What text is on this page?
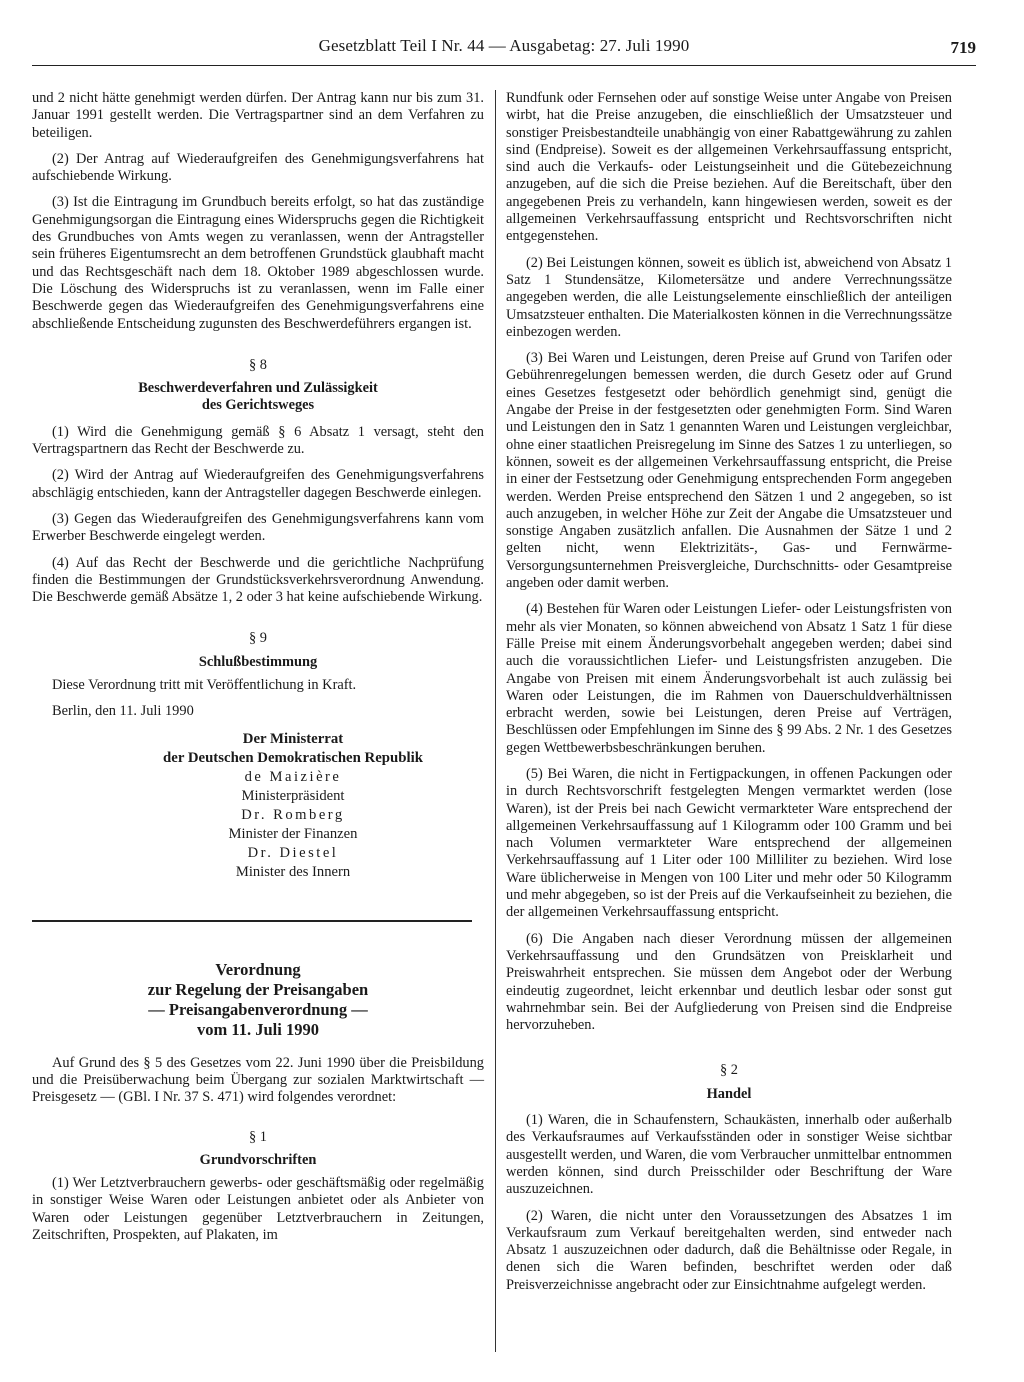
Gesetzblatt Teil I Nr. 44 — Ausgabetag: 27. Juli 1990	719

und 2 nicht hätte genehmigt werden dürfen. Der Antrag kann nur bis zum 31. Januar 1991 gestellt werden. Die Vertragspartner sind an dem Verfahren zu beteiligen.

(2) Der Antrag auf Wiederaufgreifen des Genehmigungsverfahrens hat aufschiebende Wirkung.

(3) Ist die Eintragung im Grundbuch bereits erfolgt, so hat das zuständige Genehmigungsorgan die Eintragung eines Widerspruchs gegen die Richtigkeit des Grundbuches von Amts wegen zu veranlassen, wenn der Antragsteller sein früheres Eigentumsrecht an dem betroffenen Grundstück glaubhaft macht und das Rechtsgeschäft nach dem 18. Oktober 1989 abgeschlossen wurde. Die Löschung des Widerspruchs ist zu veranlassen, wenn im Falle einer Beschwerde gegen das Wiederaufgreifen des Genehmigungsverfahrens eine abschließende Entscheidung zugunsten des Beschwerdeführers ergangen ist.

§ 8
Beschwerdeverfahren und Zulässigkeit
des Gerichtsweges

(1) Wird die Genehmigung gemäß § 6 Absatz 1 versagt, steht den Vertragspartnern das Recht der Beschwerde zu.

(2) Wird der Antrag auf Wiederaufgreifen des Genehmigungsverfahrens abschlägig entschieden, kann der Antragsteller dagegen Beschwerde einlegen.

(3) Gegen das Wiederaufgreifen des Genehmigungsverfahrens kann vom Erwerber Beschwerde eingelegt werden.

(4) Auf das Recht der Beschwerde und die gerichtliche Nachprüfung finden die Bestimmungen der Grundstücksverkehrsverordnung Anwendung. Die Beschwerde gemäß Absätze 1, 2 oder 3 hat keine aufschiebende Wirkung.

§ 9
Schlußbestimmung

Diese Verordnung tritt mit Veröffentlichung in Kraft.

Berlin, den 11. Juli 1990

Der Ministerrat
der Deutschen Demokratischen Republik
de Maizière
Ministerpräsident
Dr. Romberg
Minister der Finanzen
Dr. Diestel
Minister des Innern
Verordnung
zur Regelung der Preisangaben
— Preisangabenverordnung —
vom 11. Juli 1990

Auf Grund des § 5 des Gesetzes vom 22. Juni 1990 über die Preisbildung und die Preisüberwachung beim Übergang zur sozialen Marktwirtschaft — Preisgesetz — (GBl. I Nr. 37 S. 471) wird folgendes verordnet:

§ 1
Grundvorschriften

(1) Wer Letztverbrauchern gewerbs- oder geschäftsmäßig oder regelmäßig in sonstiger Weise Waren oder Leistungen anbietet oder als Anbieter von Waren oder Leistungen gegenüber Letztverbrauchern in Zeitungen, Zeitschriften, Prospekten, auf Plakaten, im

Rundfunk oder Fernsehen oder auf sonstige Weise unter Angabe von Preisen wirbt, hat die Preise anzugeben, die einschließlich der Umsatzsteuer und sonstiger Preisbestandteile unabhängig von einer Rabattgewährung zu zahlen sind (Endpreise). Soweit es der allgemeinen Verkehrsauffassung entspricht, sind auch die Verkaufs- oder Leistungseinheit und die Gütebezeichnung anzugeben, auf die sich die Preise beziehen. Auf die Bereitschaft, über den angegebenen Preis zu verhandeln, kann hingewiesen werden, soweit es der allgemeinen Verkehrsauffassung entspricht und Rechtsvorschriften nicht entgegenstehen.

(2) Bei Leistungen können, soweit es üblich ist, abweichend von Absatz 1 Satz 1 Stundensätze, Kilometersätze und andere Verrechnungssätze angegeben werden, die alle Leistungselemente einschließlich der anteiligen Umsatzsteuer enthalten. Die Materialkosten können in die Verrechnungssätze einbezogen werden.

(3) Bei Waren und Leistungen, deren Preise auf Grund von Tarifen oder Gebührenregelungen bemessen werden, die durch Gesetz oder auf Grund eines Gesetzes festgesetzt oder behördlich genehmigt sind, genügt die Angabe der Preise in der festgesetzten oder genehmigten Form. Sind Waren und Leistungen den in Satz 1 genannten Waren und Leistungen vergleichbar, ohne einer staatlichen Preisregelung im Sinne des Satzes 1 zu unterliegen, so können, soweit es der allgemeinen Verkehrsauffassung entspricht, die Preise in einer der Festsetzung oder Genehmigung entsprechenden Form angegeben werden. Werden Preise entsprechend den Sätzen 1 und 2 angegeben, so ist auch anzugeben, in welcher Höhe zur Zeit der Angabe die Umsatzsteuer und sonstige Angaben zusätzlich anfallen. Die Ausnahmen der Sätze 1 und 2 gelten nicht, wenn Elektrizitäts-, Gas- und Fernwärme-Versorgungsunternehmen Preisvergleiche, Durchschnitts- oder Gesamtpreise angeben oder damit werben.

(4) Bestehen für Waren oder Leistungen Liefer- oder Leistungsfristen von mehr als vier Monaten, so können abweichend von Absatz 1 Satz 1 für diese Fälle Preise mit einem Änderungsvorbehalt angegeben werden; dabei sind auch die voraussichtlichen Liefer- und Leistungsfristen anzugeben. Die Angabe von Preisen mit einem Änderungsvorbehalt ist auch zulässig bei Waren oder Leistungen, die im Rahmen von Dauerschuldverhältnissen erbracht werden, sowie bei Leistungen, deren Preise auf Verträgen, Beschlüssen oder Empfehlungen im Sinne des § 99 Abs. 2 Nr. 1 des Gesetzes gegen Wettbewerbsbeschränkungen beruhen.

(5) Bei Waren, die nicht in Fertigpackungen, in offenen Packungen oder in durch Rechtsvorschrift festgelegten Mengen vermarktet werden (lose Waren), ist der Preis bei nach Gewicht vermarkteter Ware entsprechend der allgemeinen Verkehrsauffassung auf 1 Kilogramm oder 100 Gramm und bei nach Volumen vermarkteter Ware entsprechend der allgemeinen Verkehrsauffassung auf 1 Liter oder 100 Milliliter zu beziehen. Wird lose Ware üblicherweise in Mengen von 100 Liter und mehr oder 50 Kilogramm und mehr abgegeben, so ist der Preis auf die Verkaufseinheit zu beziehen, die der allgemeinen Verkehrsauffassung entspricht.

(6) Die Angaben nach dieser Verordnung müssen der allgemeinen Verkehrsauffassung und den Grundsätzen von Preisklarheit und Preiswahrheit entsprechen. Sie müssen dem Angebot oder der Werbung eindeutig zugeordnet, leicht erkennbar und deutlich lesbar oder sonst gut wahrnehmbar sein. Bei der Aufgliederung von Preisen sind die Endpreise hervorzuheben.

§ 2
Handel

(1) Waren, die in Schaufenstern, Schaukästen, innerhalb oder außerhalb des Verkaufsraumes auf Verkaufsständen oder in sonstiger Weise sichtbar ausgestellt werden, und Waren, die vom Verbraucher unmittelbar entnommen werden können, sind durch Preisschilder oder Beschriftung der Ware auszuzeichnen.

(2) Waren, die nicht unter den Voraussetzungen des Absatzes 1 im Verkaufsraum zum Verkauf bereitgehalten werden, sind entweder nach Absatz 1 auszuzeichnen oder dadurch, daß die Behältnisse oder Regale, in denen sich die Waren befinden, beschriftet werden oder daß Preisverzeichnisse angebracht oder zur Einsichtnahme aufgelegt werden.
